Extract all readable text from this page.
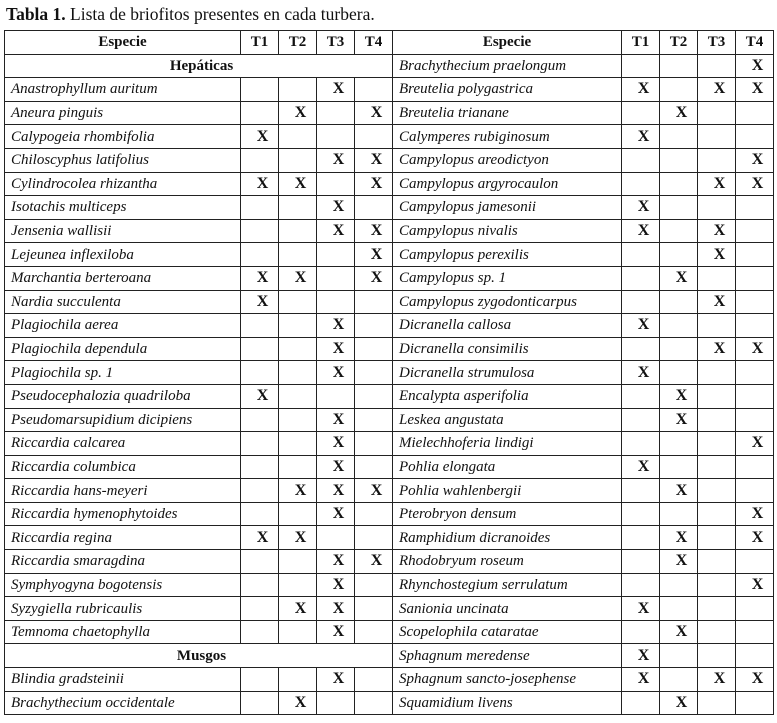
Tabla 1. Lista de briofitos presentes en cada turbera.
Especie	T1	T2	T3	T4	Especie	T1	T2	T3	T4
Hepáticas					Brachythecium praelongum				X
Anastrophyllum auritum			X		Breutelia polygastrica	X		X	X
Aneura pinguis		X		X	Breutelia trianane		X		
Calypogeia rhombifolia	X				Calymperes rubiginosum	X			
Chiloscyphus latifolius			X	X	Campylopus areodictyon				X
Cylindrocolea rhizantha	X	X		X	Campylopus argyrocaulon			X	X
Isotachis multiceps			X		Campylopus jamesonii	X			
Jensenia wallisii			X	X	Campylopus nivalis	X		X	
Lejeunea inflexiloba				X	Campylopus perexilis			X	
Marchantia berteroana	X	X		X	Campylopus sp. 1		X		
Nardia succulenta	X				Campylopus zygodonticarpus			X	
Plagiochila aerea			X		Dicranella callosa	X			
Plagiochila dependula			X		Dicranella consimilis			X	X
Plagiochila sp. 1			X		Dicranella strumulosa	X			
Pseudocephalozia quadriloba	X				Encalypta asperifolia		X		
Pseudomarsupidium dicipiens			X		Leskea angustata		X		
Riccardia calcarea			X		Mielechhoferia lindigi				X
Riccardia columbica			X		Pohlia elongata	X			
Riccardia hans-meyeri		X	X	X	Pohlia wahlenbergii		X		
Riccardia hymenophytoides			X		Pterobryon densum				X
Riccardia regina	X	X			Ramphidium dicranoides		X		X
Riccardia smaragdina			X	X	Rhodobryum roseum		X		
Symphyogyna bogotensis			X		Rhynchostegium serrulatum				X
Syzygiella rubricaulis		X	X		Sanionia uncinata	X			
Temnoma chaetophylla			X		Scopelophila cataratae		X		
Musgos					Sphagnum meredense	X			
Blindia gradsteinii			X		Sphagnum sancto-josephense	X		X	X
Brachythecium occidentale		X			Squamidium livens		X		
